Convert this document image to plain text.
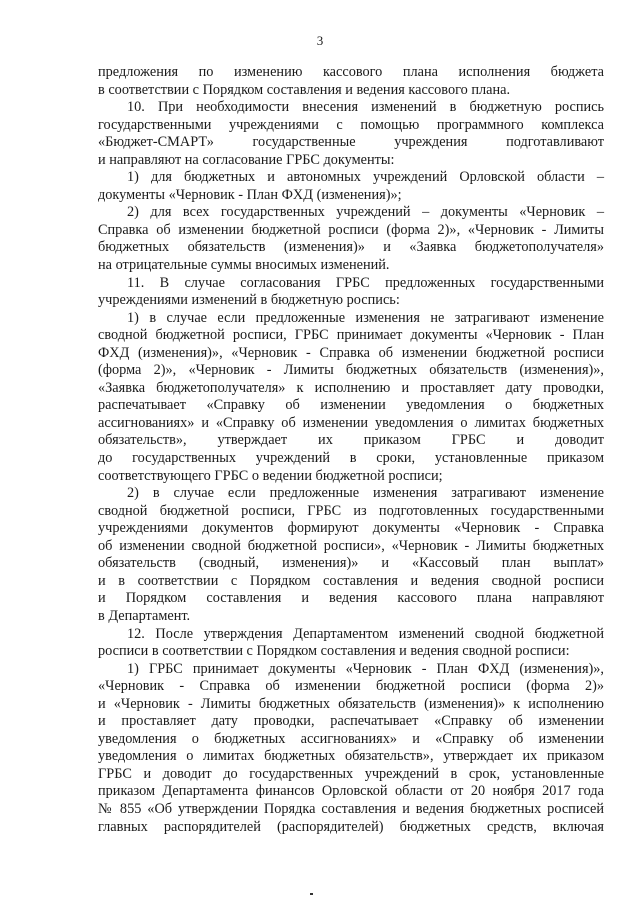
3

предложения по изменению кассового плана исполнения бюджета

в соответствии с Порядком составления и ведения кассового плана.

10. При необходимости внесения изменений в бюджетную роспись

государственными учреждениями с помощью программного комплекса

«Бюджет-СМАРТ» государственные учреждения подготавливают

и направляют на согласование ГРБС документы:

1) для бюджетных и автономных учреждений Орловской области –

документы «Черновик - План ФХД (изменения)»;

2) для всех государственных учреждений – документы «Черновик –

Справка об изменении бюджетной росписи (форма 2)», «Черновик - Лимиты

бюджетных обязательств (изменения)» и «Заявка бюджетополучателя»

на отрицательные суммы вносимых изменений.

11. В случае согласования ГРБС предложенных государственными

учреждениями изменений в бюджетную роспись:

1) в случае если предложенные изменения не затрагивают изменение

сводной бюджетной росписи, ГРБС принимает документы «Черновик - План

ФХД (изменения)», «Черновик - Справка об изменении бюджетной росписи

(форма 2)», «Черновик - Лимиты бюджетных обязательств (изменения)»,

«Заявка бюджетополучателя» к исполнению и проставляет дату проводки,

распечатывает «Справку об изменении уведомления о бюджетных

ассигнованиях» и «Справку об изменении уведомления о лимитах бюджетных

обязательств», утверждает их приказом ГРБС и доводит

до государственных учреждений в сроки, установленные приказом

соответствующего ГРБС о ведении бюджетной росписи;

2) в случае если предложенные изменения затрагивают изменение

сводной бюджетной росписи, ГРБС из подготовленных государственными

учреждениями документов формируют документы «Черновик - Справка

об изменении сводной бюджетной росписи», «Черновик - Лимиты бюджетных

обязательств (сводный, изменения)» и «Кассовый план выплат»

и в соответствии с Порядком составления и ведения сводной росписи

и Порядком составления и ведения кассового плана направляют

в Департамент.

12. После утверждения Департаментом изменений сводной бюджетной

росписи в соответствии с Порядком составления и ведения сводной росписи:

1) ГРБС принимает документы «Черновик - План ФХД (изменения)»,

«Черновик - Справка об изменении бюджетной росписи (форма 2)»

и «Черновик - Лимиты бюджетных обязательств (изменения)» к исполнению

и проставляет дату проводки, распечатывает «Справку об изменении

уведомления о бюджетных ассигнованиях» и «Справку об изменении

уведомления о лимитах бюджетных обязательств», утверждает их приказом

ГРБС и доводит до государственных учреждений в срок, установленные

приказом Департамента финансов Орловской области от 20 ноября 2017 года

№ 855 «Об утверждении Порядка составления и ведения бюджетных росписей

главных распорядителей (распорядителей) бюджетных средств, включая
